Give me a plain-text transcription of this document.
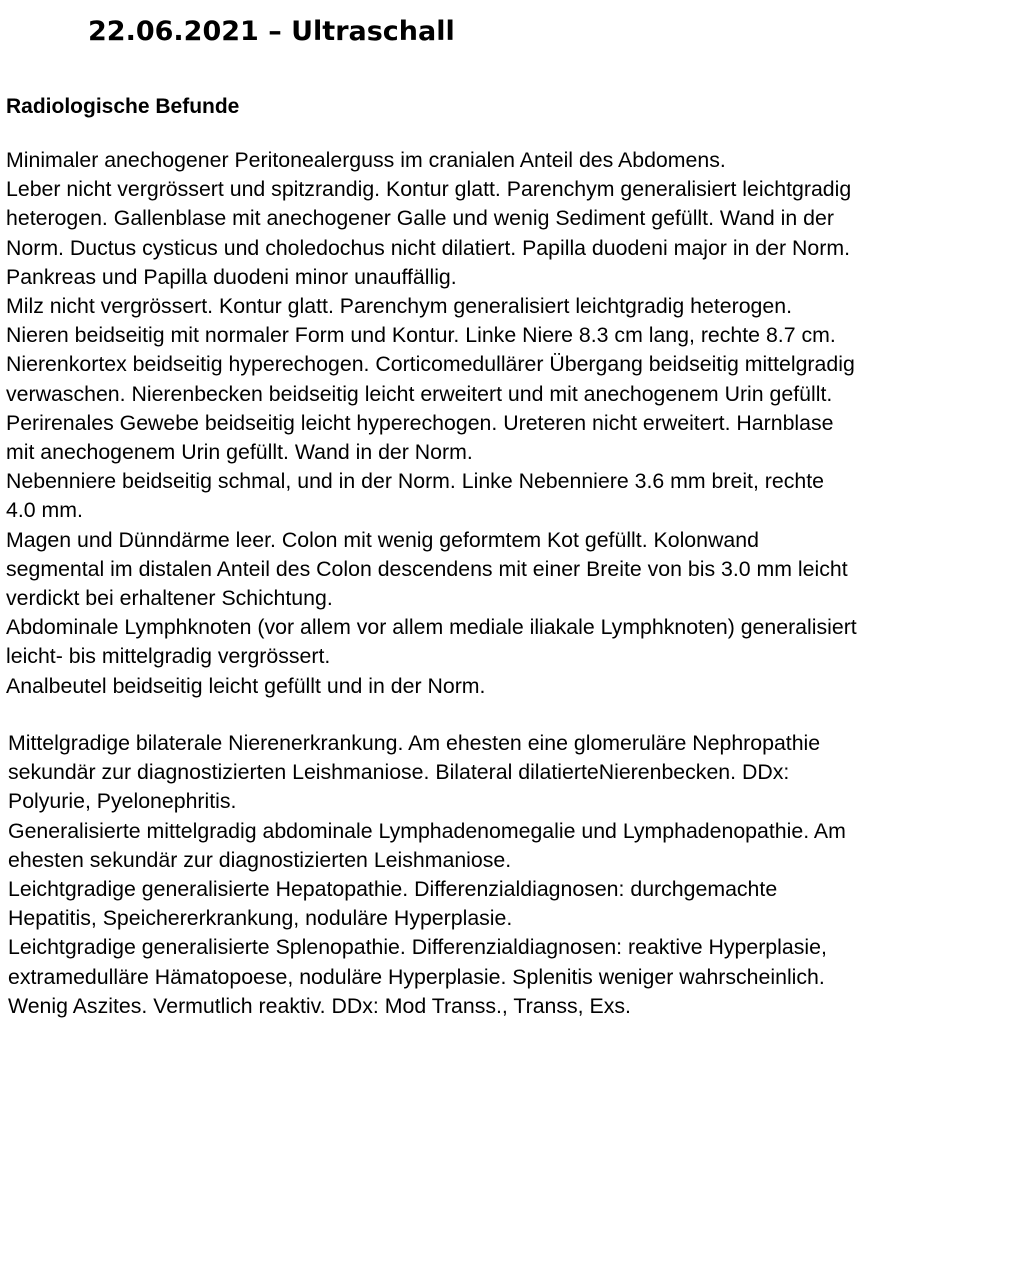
22.06.2021 – Ultraschall
Radiologische Befunde
Minimaler anechogener Peritonealerguss im cranialen Anteil des Abdomens.
Leber nicht vergrössert und spitzrandig. Kontur glatt. Parenchym generalisiert leichtgradig
heterogen. Gallenblase mit anechogener Galle und wenig Sediment gefüllt. Wand in der
Norm. Ductus cysticus und choledochus nicht dilatiert. Papilla duodeni major in der Norm.
Pankreas und Papilla duodeni minor unauffällig.
Milz nicht vergrössert. Kontur glatt. Parenchym generalisiert leichtgradig heterogen.
Nieren beidseitig mit normaler Form und Kontur. Linke Niere 8.3 cm lang, rechte 8.7 cm.
Nierenkortex beidseitig hyperechogen. Corticomedullärer Übergang beidseitig mittelgradig
verwaschen. Nierenbecken beidseitig leicht erweitert und mit anechogenem Urin gefüllt.
Perirenales Gewebe beidseitig leicht hyperechogen. Ureteren nicht erweitert. Harnblase
mit anechogenem Urin gefüllt. Wand in der Norm.
Nebenniere beidseitig schmal, und in der Norm. Linke Nebenniere 3.6 mm breit, rechte
4.0 mm.
Magen und Dünndärme leer. Colon mit wenig geformtem Kot gefüllt. Kolonwand
segmental im distalen Anteil des Colon descendens mit einer Breite von bis 3.0 mm leicht
verdickt bei erhaltener Schichtung.
Abdominale Lymphknoten (vor allem vor allem mediale iliakale Lymphknoten) generalisiert
leicht- bis mittelgradig vergrössert.
Analbeutel beidseitig leicht gefüllt und in der Norm.
Mittelgradige bilaterale Nierenerkrankung. Am ehesten eine glomeruläre Nephropathie
sekundär zur diagnostizierten Leishmaniose. Bilateral dilatierteNierenbecken. DDx:
Polyurie, Pyelonephritis.
Generalisierte mittelgradig abdominale Lymphadenomegalie und Lymphadenopathie. Am
ehesten sekundär zur diagnostizierten Leishmaniose.
Leichtgradige generalisierte Hepatopathie. Differenzialdiagnosen: durchgemachte
Hepatitis, Speichererkrankung, noduläre Hyperplasie.
Leichtgradige generalisierte Splenopathie. Differenzialdiagnosen: reaktive Hyperplasie,
extramedulläre Hämatopoese, noduläre Hyperplasie. Splenitis weniger wahrscheinlich.
Wenig Aszites. Vermutlich reaktiv. DDx: Mod Transs., Transs, Exs.
